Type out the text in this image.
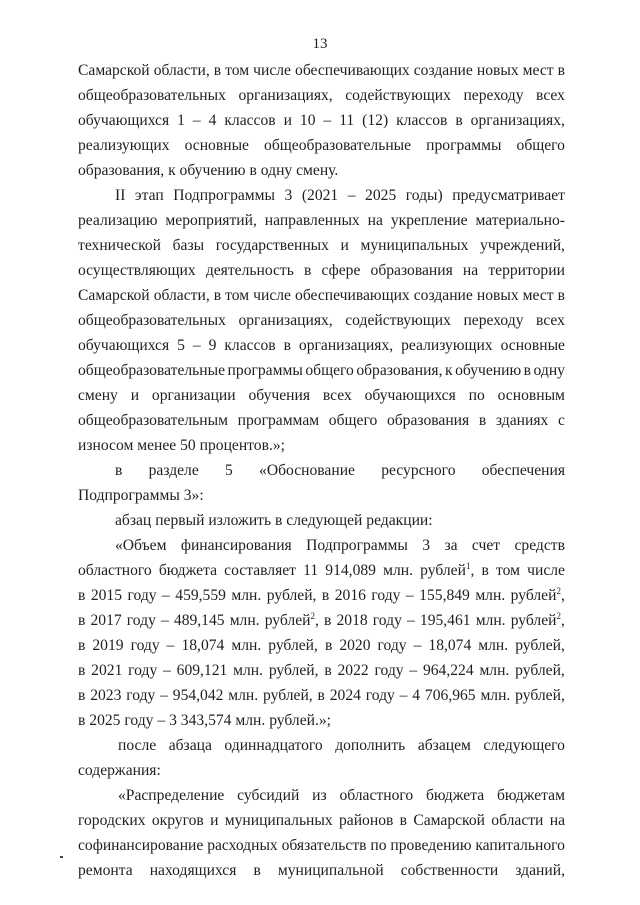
13
Самарской области, в том числе обеспечивающих создание новых мест в
общеобразовательных организациях, содействующих переходу всех
обучающихся 1 – 4 классов и 10 – 11 (12) классов в организациях,
реализующих основные общеобразовательные программы общего
образования, к обучению в одну смену.
II этап Подпрограммы 3 (2021 – 2025 годы) предусматривает
реализацию мероприятий, направленных на укрепление материально-
технической базы государственных и муниципальных учреждений,
осуществляющих деятельность в сфере образования на территории
Самарской области, в том числе обеспечивающих создание новых мест в
общеобразовательных организациях, содействующих переходу всех
обучающихся 5 – 9 классов в организациях, реализующих основные
общеобразовательные программы общего образования, к обучению в одну
смену и организации обучения всех обучающихся по основным
общеобразовательным программам общего образования в зданиях с
износом менее 50 процентов.»;
в разделе 5 «Обоснование ресурсного обеспечения
Подпрограммы 3»:
абзац первый изложить в следующей редакции:
«Объем финансирования Подпрограммы 3 за счет средств
областного бюджета составляет 11 914,089 млн. рублей$^1$, в том числе
в 2015 году – 459,559 млн. рублей, в 2016 году – 155,849 млн. рублей$^2$,
в 2017 году – 489,145 млн. рублей$^2$, в 2018 году – 195,461 млн. рублей$^2$,
в 2019 году – 18,074 млн. рублей, в 2020 году – 18,074 млн. рублей,
в 2021 году – 609,121 млн. рублей, в 2022 году – 964,224 млн. рублей,
в 2023 году – 954,042 млн. рублей, в 2024 году – 4 706,965 млн. рублей,
в 2025 году – 3 343,574 млн. рублей.»;
после абзаца одиннадцатого дополнить абзацем следующего
содержания:
«Распределение субсидий из областного бюджета бюджетам
городских округов и муниципальных районов в Самарской области на
софинансирование расходных обязательств по проведению капитального
ремонта находящихся в муниципальной собственности зданий,
